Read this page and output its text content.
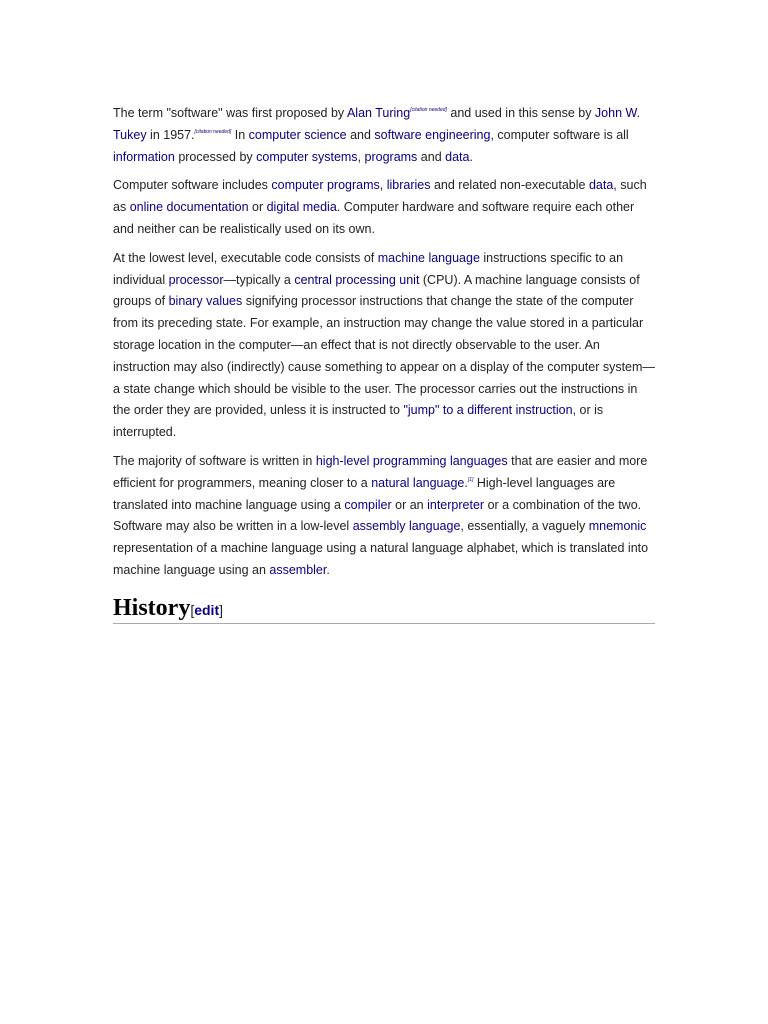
The term "software" was first proposed by Alan Turing[citation needed] and used in this sense by John W. Tukey in 1957.[citation needed] In computer science and software engineering, computer software is all information processed by computer systems, programs and data.

Computer software includes computer programs, libraries and related non-executable data, such as online documentation or digital media. Computer hardware and software require each other and neither can be realistically used on its own.

At the lowest level, executable code consists of machine language instructions specific to an individual processor—typically a central processing unit (CPU). A machine language consists of groups of binary values signifying processor instructions that change the state of the computer from its preceding state. For example, an instruction may change the value stored in a particular storage location in the computer—an effect that is not directly observable to the user. An instruction may also (indirectly) cause something to appear on a display of the computer system—a state change which should be visible to the user. The processor carries out the instructions in the order they are provided, unless it is instructed to "jump" to a different instruction, or is interrupted.

The majority of software is written in high-level programming languages that are easier and more efficient for programmers, meaning closer to a natural language.[1] High-level languages are translated into machine language using a compiler or an interpreter or a combination of the two. Software may also be written in a low-level assembly language, essentially, a vaguely mnemonic representation of a machine language using a natural language alphabet, which is translated into machine language using an assembler.

History[edit]
